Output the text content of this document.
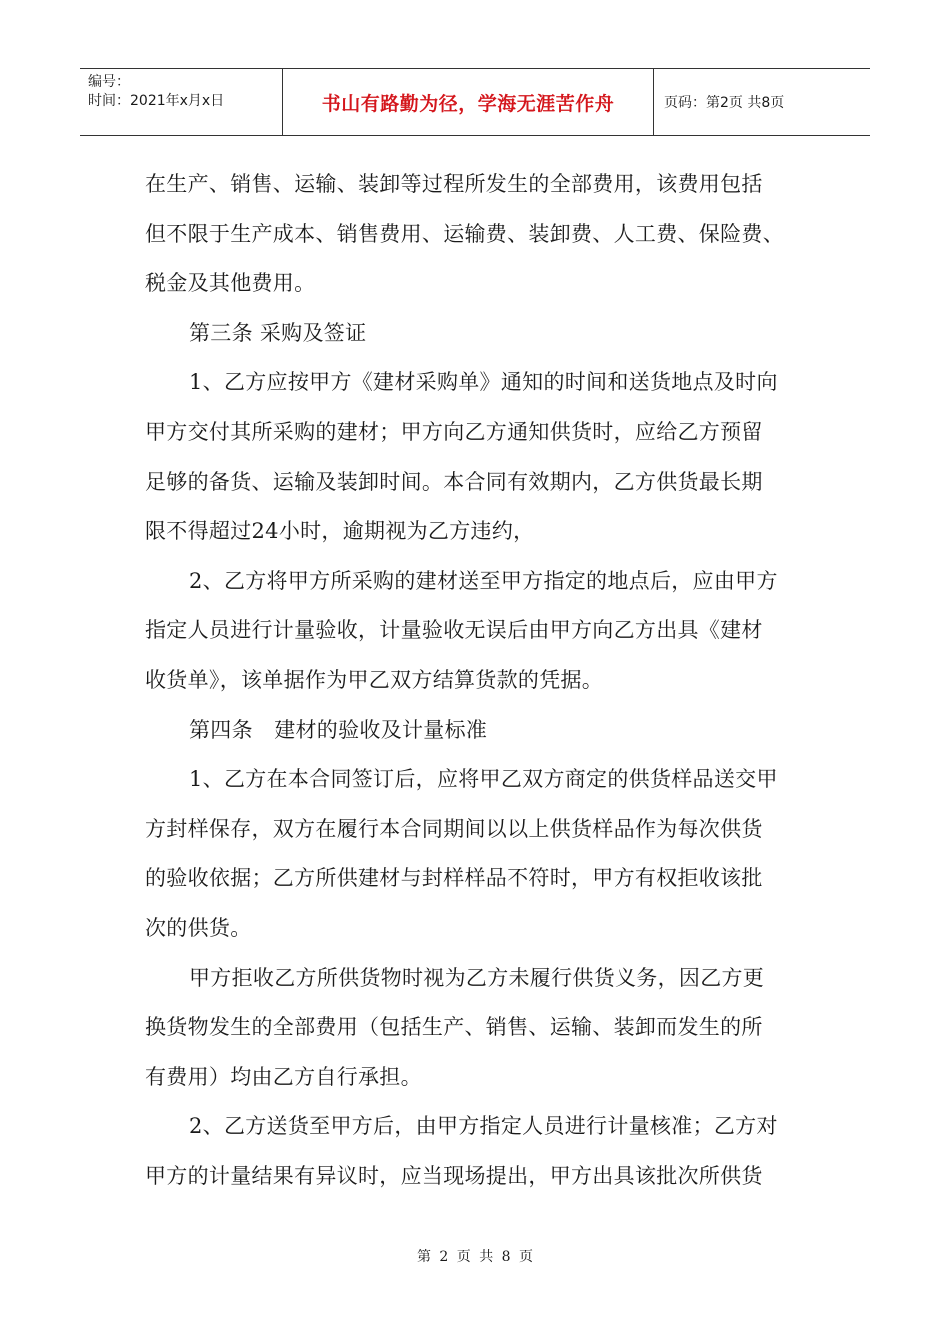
编号：
时间：2021年x月x日	书山有路勤为径，学海无涯苦作舟	页码：第2页 共8页
在生产、销售、运输、装卸等过程所发生的全部费用，该费用包括
但不限于生产成本、销售费用、运输费、装卸费、人工费、保险费、
税金及其他费用。
第三条 采购及签证
1、乙方应按甲方《建材采购单》通知的时间和送货地点及时向
甲方交付其所采购的建材；甲方向乙方通知供货时，应给乙方预留
足够的备货、运输及装卸时间。本合同有效期内，乙方供货最长期
限不得超过24小时，逾期视为乙方违约，
2、乙方将甲方所采购的建材送至甲方指定的地点后，应由甲方
指定人员进行计量验收，计量验收无误后由甲方向乙方出具《建材
收货单》，该单据作为甲乙双方结算货款的凭据。
第四条　建材的验收及计量标准
1、乙方在本合同签订后，应将甲乙双方商定的供货样品送交甲
方封样保存，双方在履行本合同期间以以上供货样品作为每次供货
的验收依据；乙方所供建材与封样样品不符时，甲方有权拒收该批
次的供货。
甲方拒收乙方所供货物时视为乙方未履行供货义务，因乙方更
换货物发生的全部费用（包括生产、销售、运输、装卸而发生的所
有费用）均由乙方自行承担。
2、乙方送货至甲方后，由甲方指定人员进行计量核准；乙方对
甲方的计量结果有异议时，应当现场提出，甲方出具该批次所供货
第 2 页 共 8 页
